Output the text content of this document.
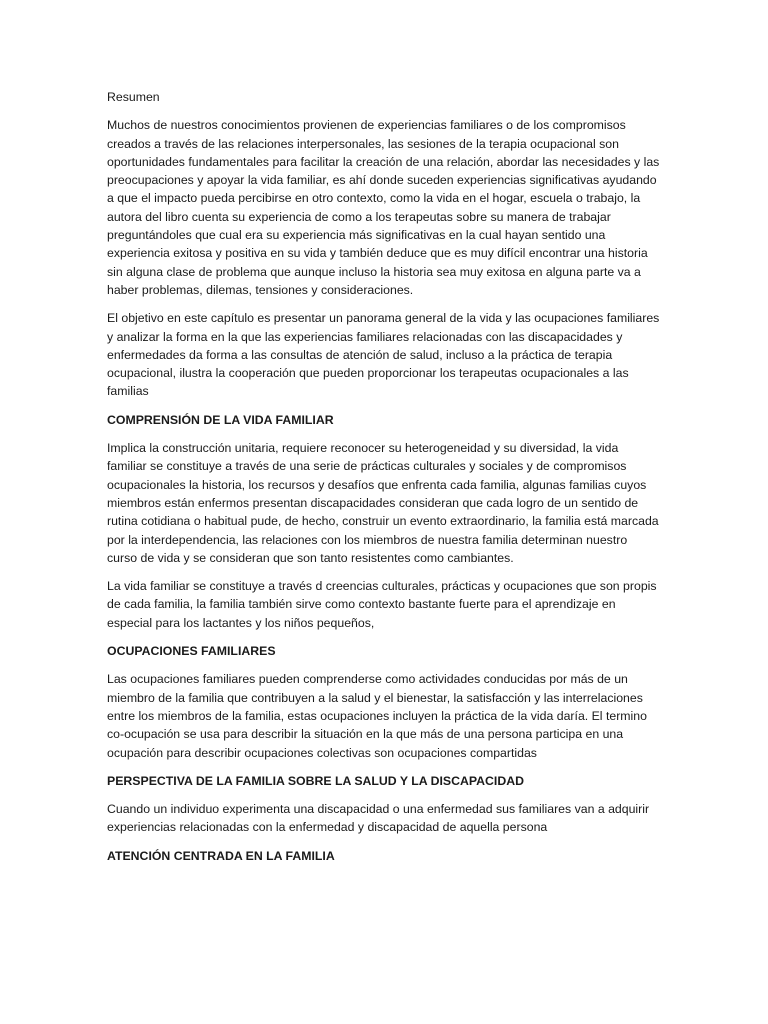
Resumen

Muchos de nuestros conocimientos provienen de experiencias familiares o de los compromisos creados a través de las relaciones interpersonales, las sesiones de la terapia ocupacional son oportunidades fundamentales para facilitar la creación de una relación, abordar las necesidades y las preocupaciones y apoyar la vida familiar, es ahí donde suceden experiencias significativas ayudando a que el impacto pueda percibirse en otro contexto, como la vida en el hogar, escuela o trabajo, la autora del libro cuenta su experiencia de como a los terapeutas sobre su manera de trabajar preguntándoles que cual era su experiencia más significativas en la cual hayan sentido una experiencia exitosa y positiva en su vida y también deduce que es muy difícil encontrar una historia sin alguna clase de problema que aunque incluso la historia sea muy exitosa en alguna parte va a haber problemas, dilemas, tensiones y consideraciones.

El objetivo en este capítulo es presentar un panorama general de la vida y las ocupaciones familiares y analizar la forma en la que las experiencias familiares relacionadas con las discapacidades y enfermedades da forma a las consultas de atención de salud, incluso a la práctica de terapia ocupacional, ilustra la cooperación que pueden proporcionar los terapeutas ocupacionales a las familias

COMPRENSIÓN DE LA VIDA FAMILIAR

Implica la construcción unitaria, requiere reconocer su heterogeneidad y su diversidad, la vida familiar se constituye a través de una serie de prácticas culturales y sociales y de compromisos ocupacionales la historia, los recursos y desafíos que enfrenta cada familia, algunas familias cuyos miembros están enfermos presentan discapacidades consideran que cada logro de un sentido de rutina cotidiana o habitual pude, de hecho, construir un evento extraordinario, la familia está marcada por la interdependencia, las relaciones con los miembros de nuestra familia determinan nuestro curso de vida y se consideran que son tanto resistentes como cambiantes.

La vida familiar se constituye a través d creencias culturales, prácticas y ocupaciones que son propis de cada familia, la familia también sirve como contexto bastante fuerte para el aprendizaje en especial para los lactantes y los niños pequeños,

OCUPACIONES FAMILIARES

Las ocupaciones familiares pueden comprenderse como actividades conducidas por más de un miembro de la familia que contribuyen a la salud y el bienestar, la satisfacción y las interrelaciones entre los miembros de la familia, estas ocupaciones incluyen la práctica de la vida daría. El termino co-ocupación se usa para describir la situación en la que más de una persona participa en una ocupación para describir ocupaciones colectivas son ocupaciones compartidas

PERSPECTIVA DE LA FAMILIA SOBRE LA SALUD Y LA DISCAPACIDAD

Cuando un individuo experimenta una discapacidad o una enfermedad sus familiares van a adquirir experiencias relacionadas con la enfermedad y discapacidad de aquella persona

ATENCIÓN CENTRADA EN LA FAMILIA
